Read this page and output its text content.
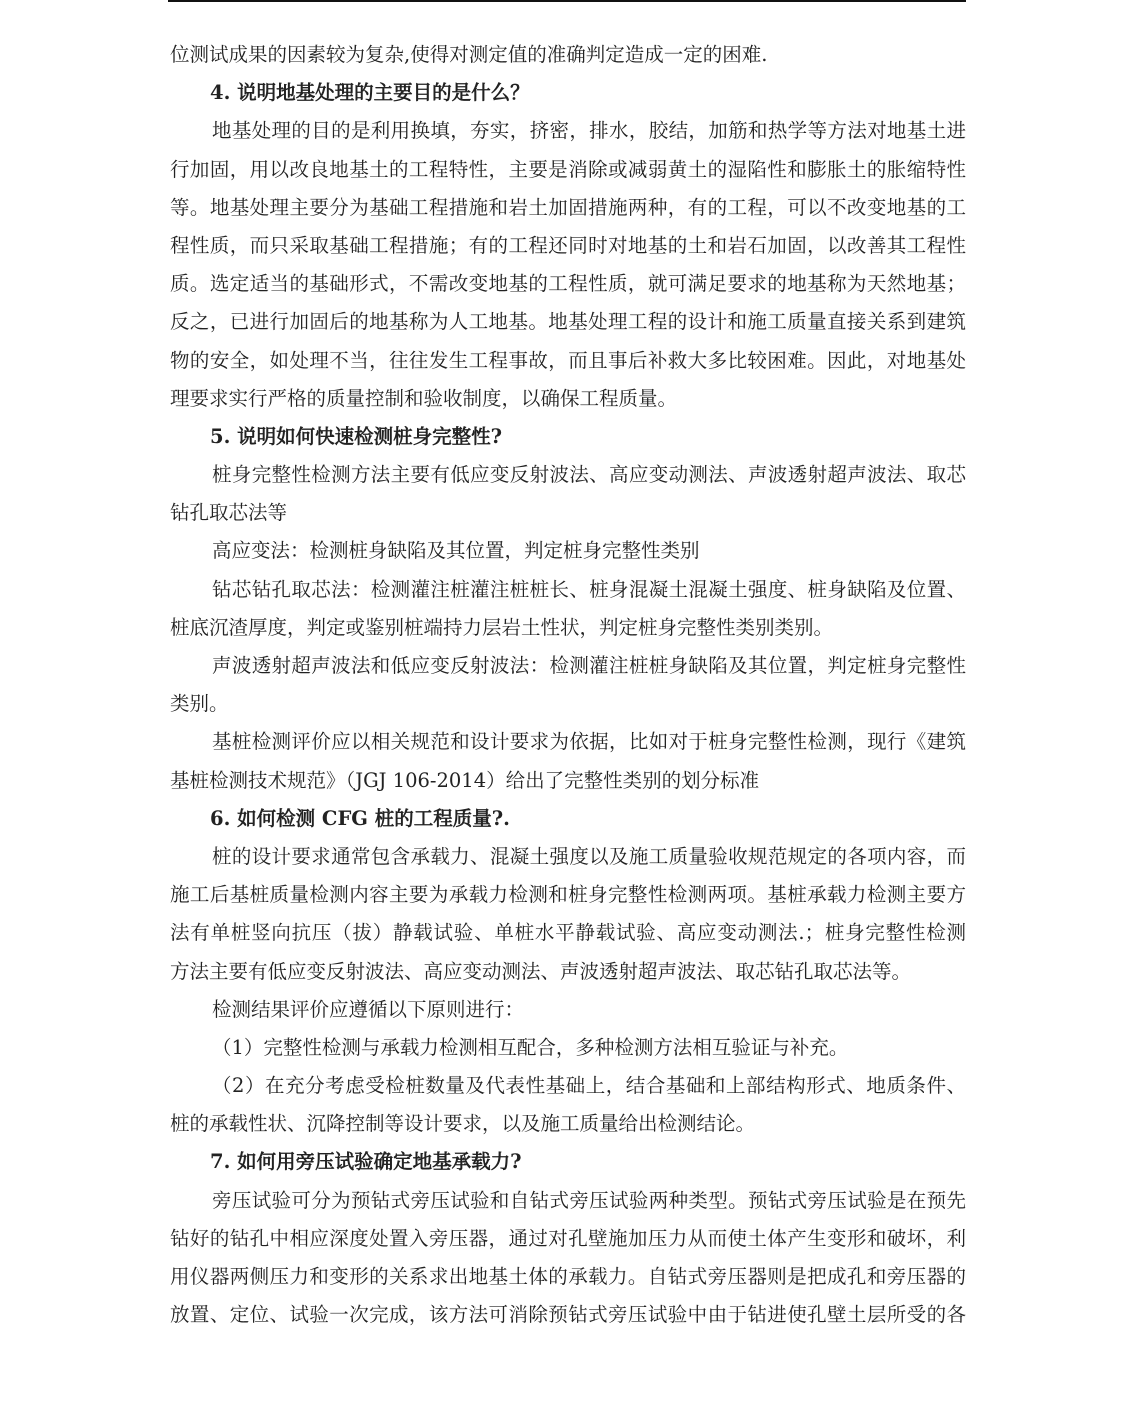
位测试成果的因素较为复杂,使得对测定值的准确判定造成一定的困难.
4. 说明地基处理的主要目的是什么？
地基处理的目的是利用换填，夯实，挤密，排水，胶结，加筋和热学等方法对地基土进
行加固，用以改良地基土的工程特性，主要是消除或减弱黄土的湿陷性和膨胀土的胀缩特性
等。地基处理主要分为基础工程措施和岩土加固措施两种，有的工程，可以不改变地基的工
程性质，而只采取基础工程措施；有的工程还同时对地基的土和岩石加固，以改善其工程性
质。选定适当的基础形式，不需改变地基的工程性质，就可满足要求的地基称为天然地基；
反之，已进行加固后的地基称为人工地基。地基处理工程的设计和施工质量直接关系到建筑
物的安全，如处理不当，往往发生工程事故，而且事后补救大多比较困难。因此，对地基处
理要求实行严格的质量控制和验收制度，以确保工程质量。
5. 说明如何快速检测桩身完整性?
桩身完整性检测方法主要有低应变反射波法、高应变动测法、声波透射超声波法、取芯
钻孔取芯法等
高应变法：检测桩身缺陷及其位置，判定桩身完整性类别
钻芯钻孔取芯法：检测灌注桩灌注桩桩长、桩身混凝土混凝土强度、桩身缺陷及位置、
桩底沉渣厚度，判定或鉴别桩端持力层岩土性状，判定桩身完整性类别类别。
声波透射超声波法和低应变反射波法：检测灌注桩桩身缺陷及其位置，判定桩身完整性
类别。
基桩检测评价应以相关规范和设计要求为依据，比如对于桩身完整性检测，现行《建筑
基桩检测技术规范》（JGJ 106-2014）给出了完整性类别的划分标准
6. 如何检测 CFG 桩的工程质量?.
桩的设计要求通常包含承载力、混凝土强度以及施工质量验收规范规定的各项内容，而
施工后基桩质量检测内容主要为承载力检测和桩身完整性检测两项。基桩承载力检测主要方
法有单桩竖向抗压（拔）静载试验、单桩水平静载试验、高应变动测法.；桩身完整性检测
方法主要有低应变反射波法、高应变动测法、声波透射超声波法、取芯钻孔取芯法等。
检测结果评价应遵循以下原则进行：
（1）完整性检测与承载力检测相互配合，多种检测方法相互验证与补充。
（2）在充分考虑受检桩数量及代表性基础上，结合基础和上部结构形式、地质条件、
桩的承载性状、沉降控制等设计要求，以及施工质量给出检测结论。
7. 如何用旁压试验确定地基承载力?
旁压试验可分为预钻式旁压试验和自钻式旁压试验两种类型。预钻式旁压试验是在预先
钻好的钻孔中相应深度处置入旁压器，通过对孔壁施加压力从而使土体产生变形和破坏，利
用仪器两侧压力和变形的关系求出地基土体的承载力。自钻式旁压器则是把成孔和旁压器的
放置、定位、试验一次完成，该方法可消除预钻式旁压试验中由于钻进使孔壁土层所受的各
